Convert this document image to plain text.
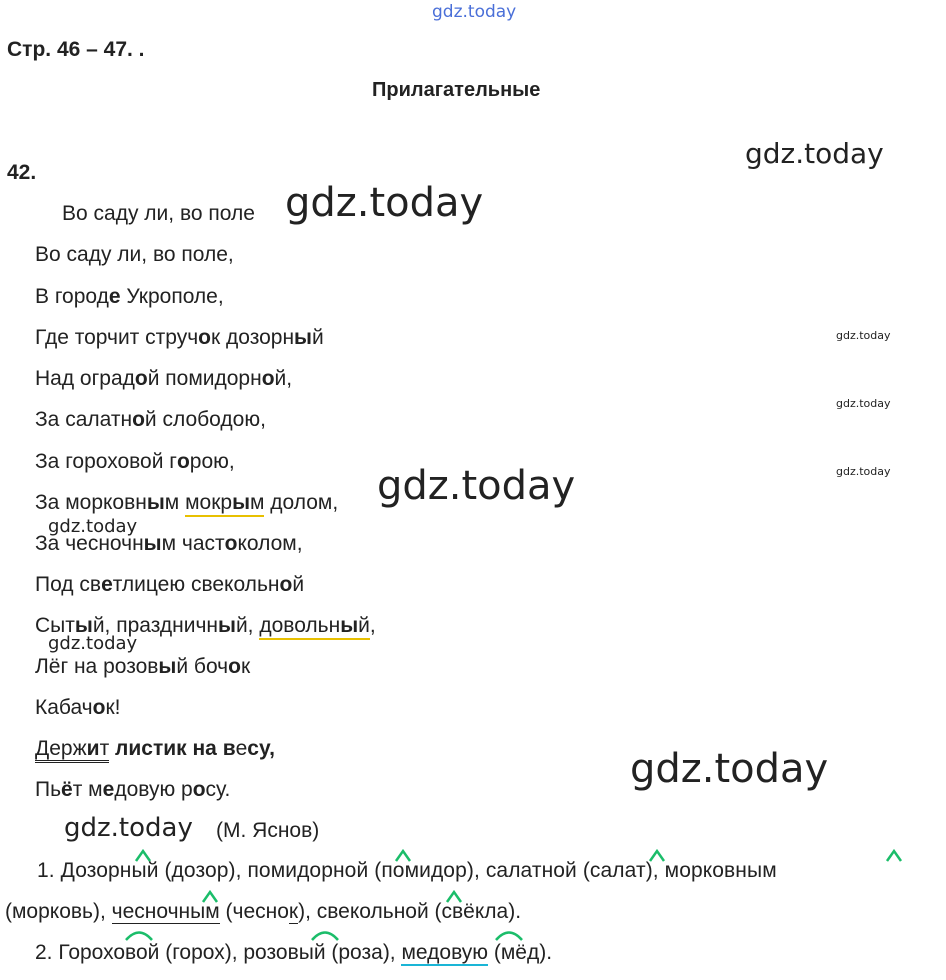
gdz.today
gdz.today
gdz.today
gdz.today
gdz.today
gdz.today
gdz.today
gdz.today
gdz.today
gdz.today
gdz.today
Стр. 46 – 47. .
Прилагательные
42.
Во саду ли, во поле
Во саду ли, во поле,
В городе Укрополе,
Где торчит стручок дозорный
Над оградой помидорной,
За салатной слободою,
За гороховой горою,
За морковным мокрым долом,
За чесночным частоколом,
Под светлицею свекольной
Сытый, праздничный, довольный,
Лёг на розовый бочок
Кабачок!
Держит листик на весу,
Пьёт медовую росу.
(М. Яснов)
1. Дозорный (дозор), помидорной (помидор), салатной (салат), морковным
(морковь), чесночным (чеснок), свекольной (свёкла).
2. Гороховой (горох), розовый (роза), медовую (мёд).
